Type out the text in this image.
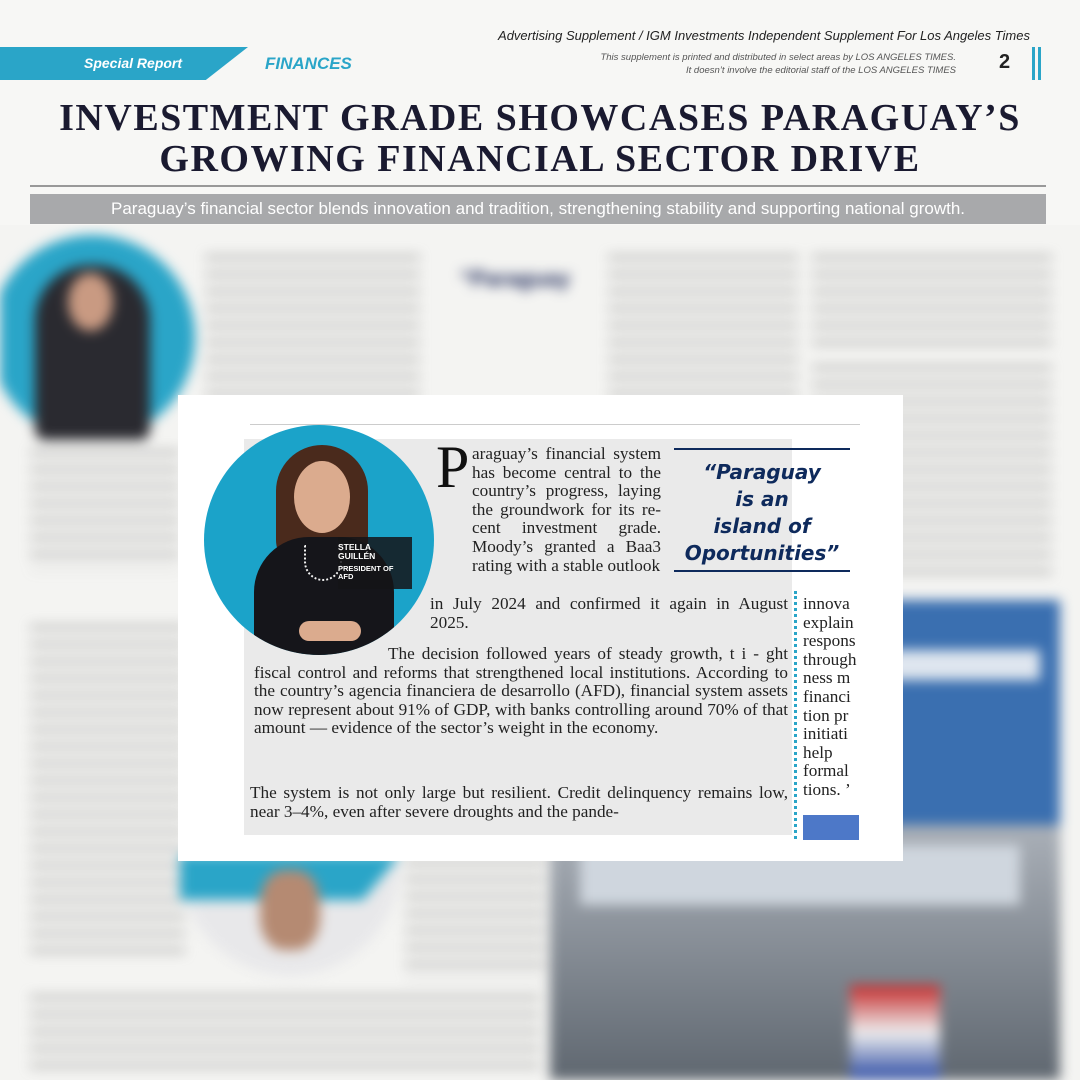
“Paraguay
Advertising Supplement / IGM Investments Independent Supplement For Los Angeles Times
Special Report	FINANCES	This supplement is printed and distributed in select areas by LOS ANGELES TIMES.
It doesn’t involve the editorial staff of the LOS ANGELES TIMES 2
INVESTMENT GRADE SHOWCASES PARAGUAY’S
GROWING FINANCIAL SECTOR DRIVE
Paraguay’s financial sector blends innovation and tradition, strengthening stability and supporting national growth.
STELLA
GUILLÉN
PRESIDENT OF
AFD
P araguay’s financial system has become central to the country’s progress, laying the groundwork for its recent investment grade. Moody’s granted a Baa3 rating with a stable outlook
in July 2024 and confirmed it again in August 2025.
The decision followed years of steady growth, t i - ght fiscal control and reforms that strengthened local institutions. According to the country’s agencia financiera de desarrollo (AFD), financial system assets now represent about 91% of GDP, with banks controlling around 70% of that amount — evidence of the sector’s weight in the economy.
The system is not only large but resilient. Credit delinquency remains low, near 3–4%, even after severe droughts and the pande-
“Paraguay
is an
island of
Oportunities”
innova
explain
respons
through
ness m
financi
tion pr
initiati
help
formal
tions. ’
